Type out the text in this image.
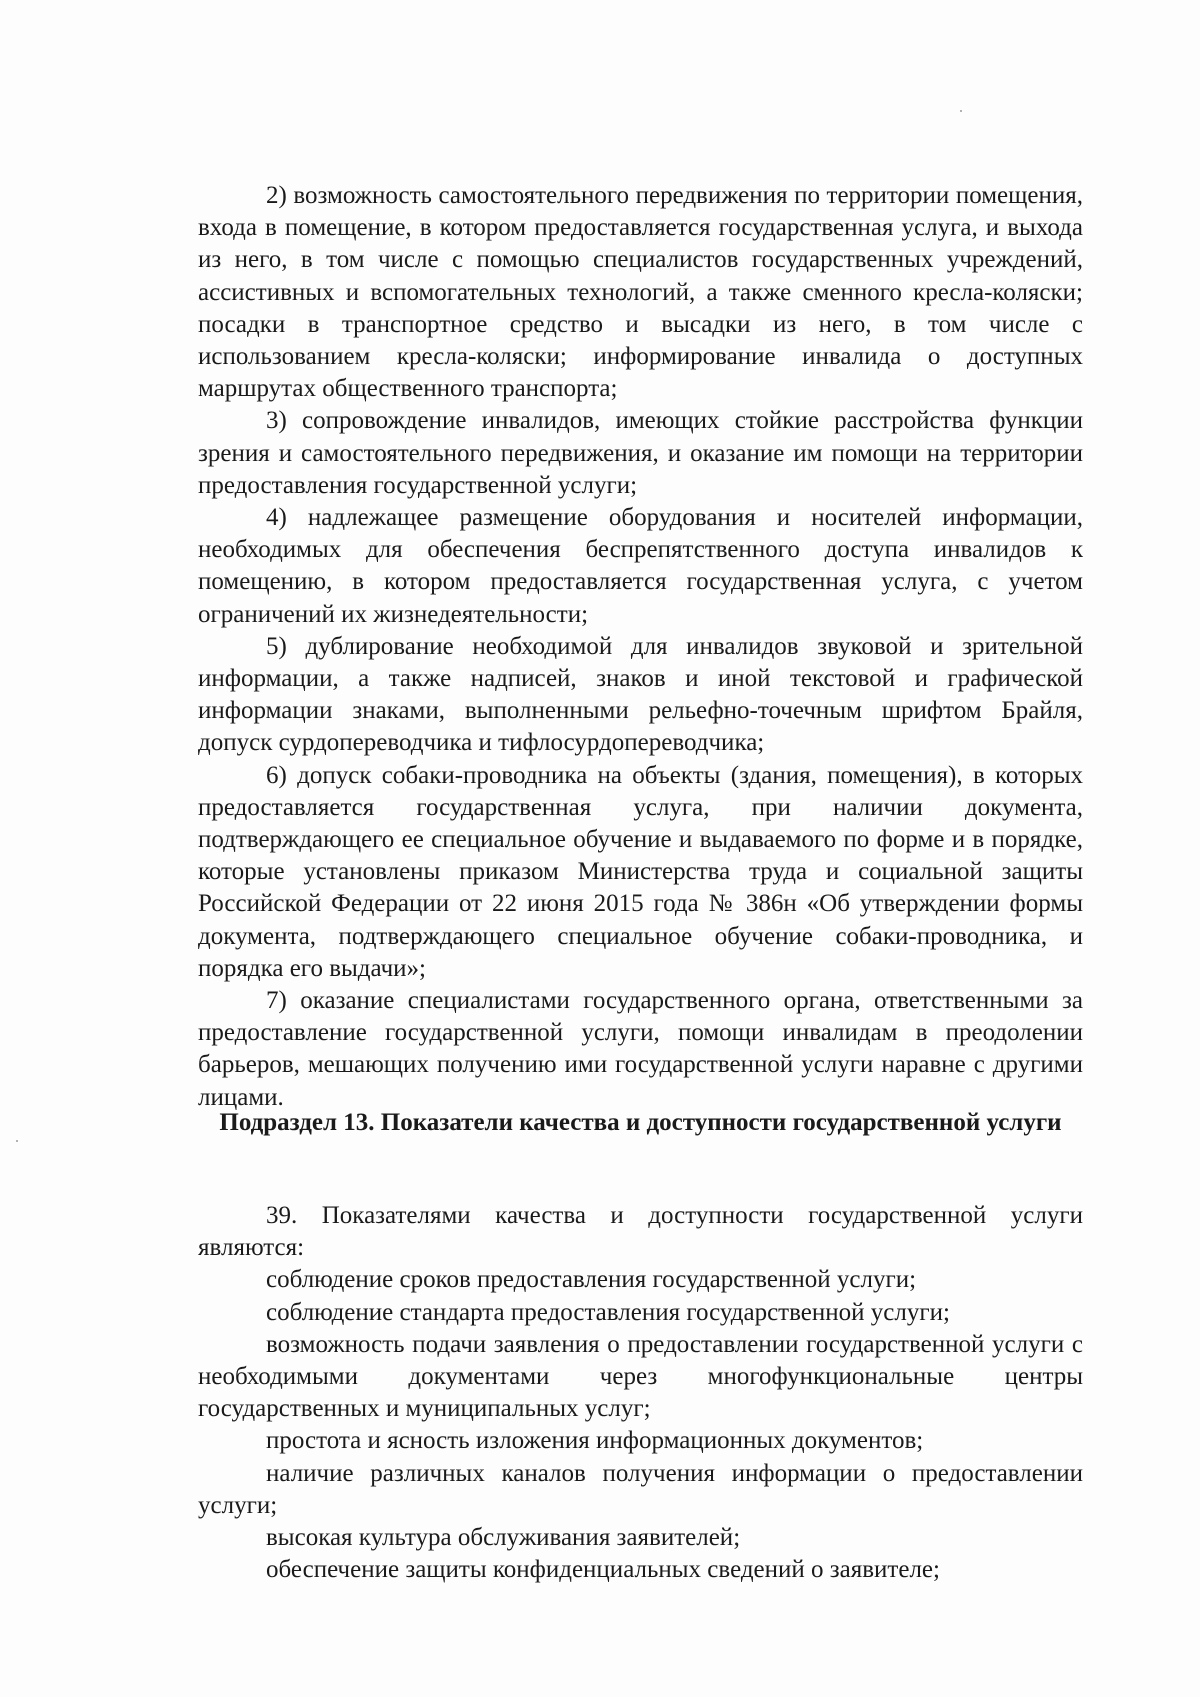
2) возможность самостоятельного передвижения по территории помещения, входа в помещение, в котором предоставляется государственная услуга, и выхода из него, в том числе с помощью специалистов государственных учреждений, ассистивных и вспомогательных технологий, а также сменного кресла-коляски; посадки в транспортное средство и высадки из него, в том числе с использованием кресла-коляски; информирование инвалида о доступных маршрутах общественного транспорта;

3) сопровождение инвалидов, имеющих стойкие расстройства функции зрения и самостоятельного передвижения, и оказание им помощи на территории предоставления государственной услуги;

4) надлежащее размещение оборудования и носителей информации, необходимых для обеспечения беспрепятственного доступа инвалидов к помещению, в котором предоставляется государственная услуга, с учетом ограничений их жизнедеятельности;

5) дублирование необходимой для инвалидов звуковой и зрительной информации, а также надписей, знаков и иной текстовой и графической информации знаками, выполненными рельефно-точечным шрифтом Брайля, допуск сурдопереводчика и тифлосурдопереводчика;

6) допуск собаки-проводника на объекты (здания, помещения), в которых предоставляется государственная услуга, при наличии документа, подтверждающего ее специальное обучение и выдаваемого по форме и в порядке, которые установлены приказом Министерства труда и социальной защиты Российской Федерации от 22 июня 2015 года № 386н «Об утверждении формы документа, подтверждающего специальное обучение собаки-проводника, и порядка его выдачи»;

7) оказание специалистами государственного органа, ответственными за предоставление государственной услуги, помощи инвалидам в преодолении барьеров, мешающих получению ими государственной услуги наравне с другими лицами.

Подраздел 13. Показатели качества и доступности государственной услуги

39. Показателями качества и доступности государственной услуги являются:

соблюдение сроков предоставления государственной услуги;

соблюдение стандарта предоставления государственной услуги;

возможность подачи заявления о предоставлении государственной услуги с необходимыми документами через многофункциональные центры государственных и муниципальных услуг;

простота и ясность изложения информационных документов;

наличие различных каналов получения информации о предоставлении услуги;

высокая культура обслуживания заявителей;

обеспечение защиты конфиденциальных сведений о заявителе;
